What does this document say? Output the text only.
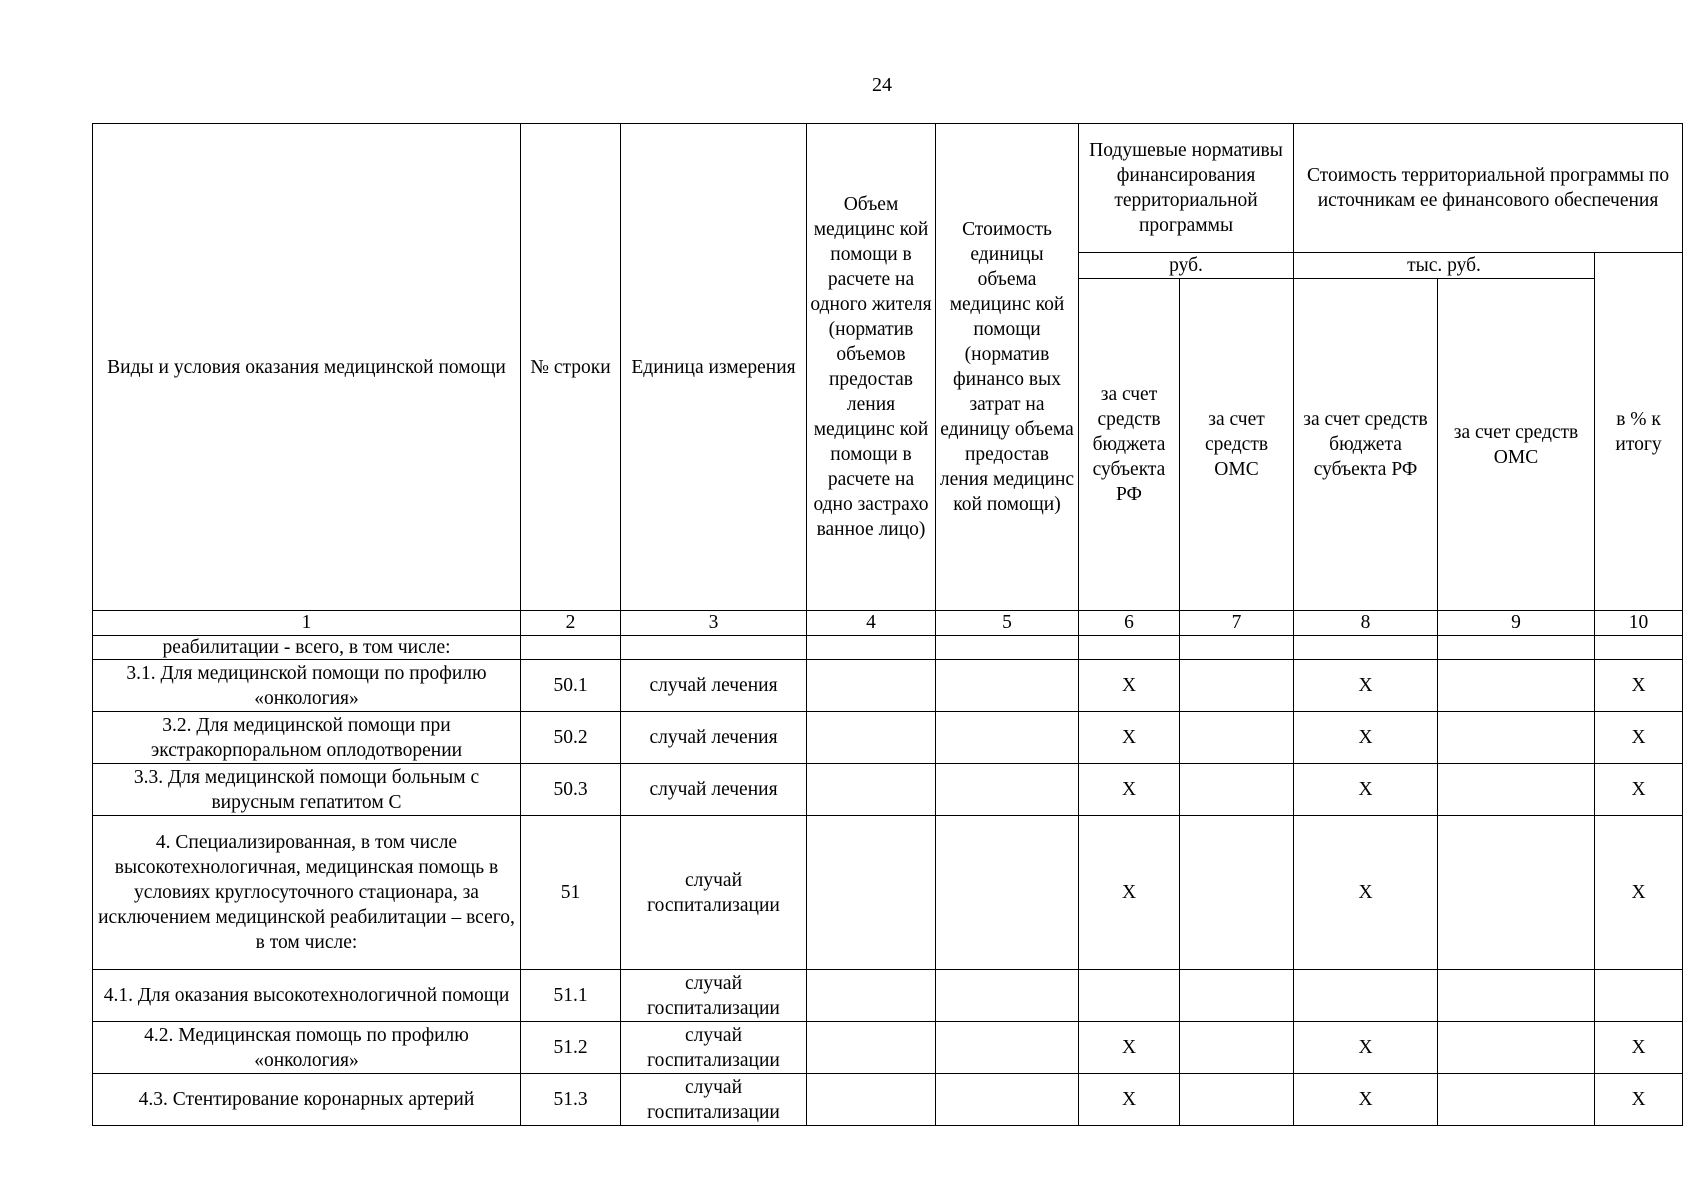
24
Виды и условия оказания медицинской помощи	№ строки	Единица измерения	Объем медицинс кой помощи в расчете на одного жителя (норматив объемов предостав ления медицинс кой помощи в расчете на одно застрахо ванное лицо)	Стоимость единицы объема медицинс кой помощи (норматив финансо вых затрат на единицу объема предостав ления медицинс кой помощи)	Подушевые нормативы финансирования территориальной программы		Стоимость территориальной программы по источникам ее финансового обеспечения		
					руб.		тыс. руб.		в % к итогу
					за счет средств бюджета субъекта РФ	за счет средств ОМС	за счет средств бюджета субъекта РФ	за счет средств ОМС	
1	2	3	4	5	6	7	8	9	10
реабилитации - всего, в том числе:									
3.1. Для медицинской помощи по профилю «онкология»	50.1	случай лечения			Х		Х		Х
3.2. Для медицинской помощи при экстракорпоральном оплодотворении	50.2	случай лечения			Х		Х		Х
3.3. Для медицинской помощи больным с вирусным гепатитом С	50.3	случай лечения			Х		Х		Х
4. Специализированная, в том числе высокотехнологичная, медицинская помощь в условиях круглосуточного стационара, за исключением медицинской реабилитации – всего, в том числе:	51	случай госпитализации			Х		Х		Х
4.1. Для оказания высокотехнологичной помощи	51.1	случай госпитализации							
4.2. Медицинская помощь по профилю «онкология»	51.2	случай госпитализации			Х		Х		Х
4.3. Стентирование коронарных артерий	51.3	случай госпитализации			Х		Х		Х
